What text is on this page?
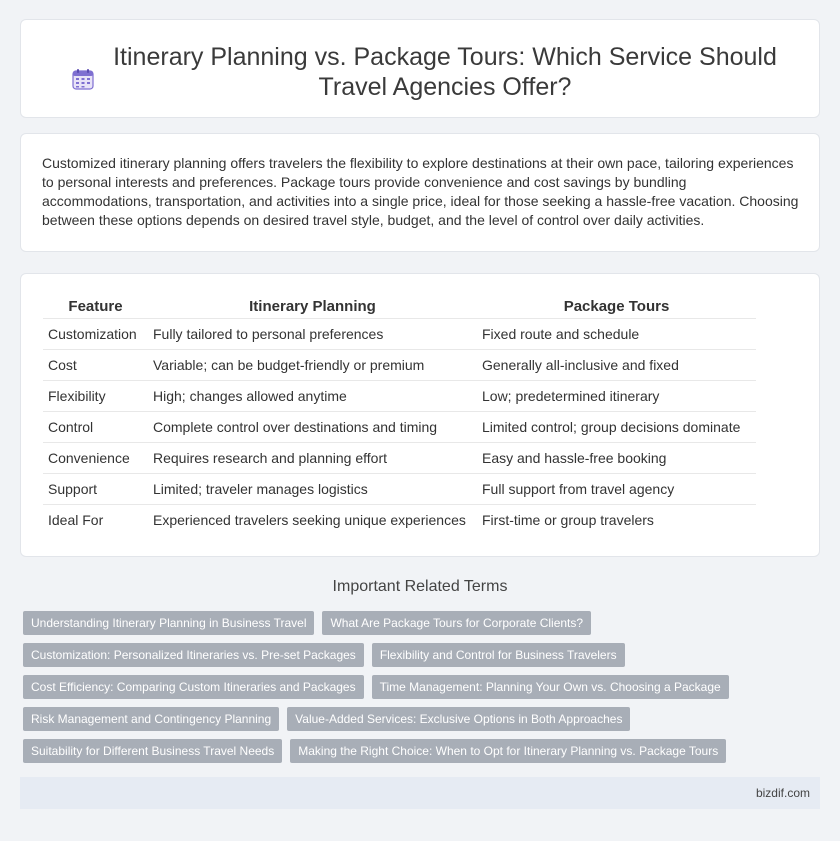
Itinerary Planning vs. Package Tours: Which Service Should Travel Agencies Offer?

Customized itinerary planning offers travelers the flexibility to explore destinations at their own pace, tailoring experiences to personal interests and preferences. Package tours provide convenience and cost savings by bundling accommodations, transportation, and activities into a single price, ideal for those seeking a hassle-free vacation. Choosing between these options depends on desired travel style, budget, and the level of control over daily activities.

Feature	Itinerary Planning	Package Tours
Customization	Fully tailored to personal preferences	Fixed route and schedule
Cost	Variable; can be budget-friendly or premium	Generally all-inclusive and fixed
Flexibility	High; changes allowed anytime	Low; predetermined itinerary
Control	Complete control over destinations and timing	Limited control; group decisions dominate
Convenience	Requires research and planning effort	Easy and hassle-free booking
Support	Limited; traveler manages logistics	Full support from travel agency
Ideal For	Experienced travelers seeking unique experiences	First-time or group travelers
Important Related Terms
Understanding Itinerary Planning in Business Travel	What Are Package Tours for Corporate Clients?
Customization: Personalized Itineraries vs. Pre-set Packages	Flexibility and Control for Business Travelers
Cost Efficiency: Comparing Custom Itineraries and Packages	Time Management: Planning Your Own vs. Choosing a Package
Risk Management and Contingency Planning	Value-Added Services: Exclusive Options in Both Approaches
Suitability for Different Business Travel Needs	Making the Right Choice: When to Opt for Itinerary Planning vs. Package Tours
bizdif.com
